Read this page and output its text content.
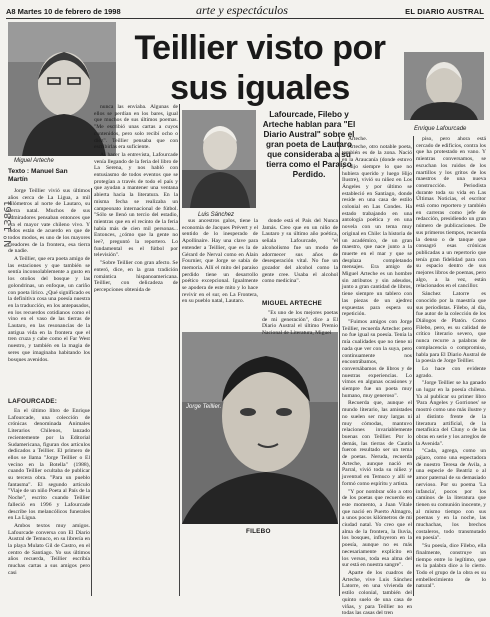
A8 Martes 10 de febrero de 1998	arte y espectáculos	EL DIARIO AUSTRAL
Teillier visto por
sus iguales
Miguel Arteche
Enrique Lafourcade
Luis Sánchez
Lafourcade, Filebo y Arteche hablan para "El Diario Austral" sobre el gran poeta de Lautaro que consideraba a su tierra como el Paraíso Perdido.
Jorge Teillier.
Texto : Manuel San Martín

Jorge Teillier vivió sus últimos años cerca de La Ligua, a mil kilómetros al norte de Lautaro, su tierra natal. Muchos de sus admiradores pensaban entonces que era el mayor vate chileno vivo. Y todos están de acuerdo en que de todos modos, es uno de los mayores creadores de la frontera, esa tierra de nadie.

A Teillier, que era poeta amigo de las estaciones y que también se sentía inconsolablemente a gusto en los otoños del bosque y las golondrinas, un enfoque, un cariño con poeta lírico. ¿Qué significado es la definitiva cosa una poesía nuestra en la traducción, en los antepasados, en los recuerdos cotidianos como el vino en el vaso de las tierras de Lautaro, en las resonancias de la antigua vida en la frontera que el tren cruza y cabe como el Far West nuestro, y también en la magia de seres que imaginaba habitando los bosques avenidos.

LAFOURCADE:

En el último libro de Enrique Lafourcade, una colección de crónicas denominada Animales Literarios Chilenos, lanzado recientemente por la Editorial Sudamericana, figuran dos artículos dedicados a Teillier. El primero de ellos se llama "Jorge Teillier o El vecino en la Botella" (1988), cuando Teillier ocultaba de publicar su tercera obra. "Para un pueblo fantasma". El segundo artículo "Viaje de un niño Poeta al País de la Noche", escrito cuando Teillier falleció en 1996 y Lafourcade describe los melancólicos funerales en La Ligua.

Ambos textos muy amigos. Lafourcade conversa con El Diario Austral de Temuco, en su librería en la playa Mulato Gil de Castro, en el centro de Santiago. Yo sus últimos años recuerda, Teillier escribía muchas cartas a sus amigos pero casi

nunca las enviaba. Algunas de ellos se perdían en los bares, igual que muchos de sus últimos poemas. "Me escribió unas cartas a cuyos contenidos, pero solo recibí ocho o diez". Teillier pensaba que con escribirlas era suficiente.

Al hacer la entrevista, Lafourcade venía llegando de la feria del libro de La Serena, y nos habló con entusiasmo de todos eventos que se protegían a través de todo el país y que ayudan a mantener una ventana abierta hacia la literatura. En la misma fecha se realizaba un campeonato internacional de fútbol. "Sólo se llenó un tercio del estadio, mientras que en el recinto de la feria había más de cien mil personas... Entonces, ¿cómo que la gente no lee?, preguntó la reportero. Lo fundamental es el fútbol por televisión".

"Sobre Teillier con gran afecto. Se enteró, dice, en la gran tradición romántica hispanoamericana. Teillier, con delicadeza de percepciones obtenida de

sus ancestros galos, tiene la economía de Jacques Prévert y el sentido de lo inesperado de Apollinaire. Hay una clave para entender a Teillier, que es la de Gérard de Nerval como en Alain Fournier, que Jorge se sabía de memoria. Allí el mito del paraíso perdido tiene un desarrollo poético excepcional. Igualmente se apodera de este mito y lo hace revivir en el sur, en La Frontera, en su pueblo natal, Lautaro.

donde está el País del Nunca Jamás. Creo que en un niño de Lautaro y su último año poética, señala Lafourcade, "el alcoholismo fue un modo de adormecer sus años de desesperación vital. No fue un gozador del alcohol como la gente cree. Usaba el alcohol como medicina".

MIGUEL ARTECHE

"Es uno de los mejores poetas de mi generación", dice a El Diario Austral el último Premio Nacional de Literatura, Miguel

FILEBO

Arteche.

Arteche, otro notable poeta, también es de la zona. Nació en la Araucanía (donde estuvo y dijo siempre lo que no hubiera querido y luego Hijo Ilustre), vivió su niñez en Los Ángeles y por último se estableció en Santiago, donde reside en una casa de estilo colonial en Las Condes. Ha estado trabajando en una antología poética y en una novela con un tema muy original en Chile: la historia de un académico, de un gran maestro, que nace junto a la muerte en el mar y que se desplaza completando mensajes. Era amigo de Miguel Arteche es un hombre sin atributos y sin adeudos, junto a gran cantidad de libros, tiene siempre un tablero con las piezas de un ajedrez expuestas para espera su repetición.

"Fuimos amigos con Jorge Teillier, recuerda Arteche: pero no fue igual su poesía. Tenía la mía cualidades que no tiene ni nada que ver con la suya, pero continuamente nos encontrábamos, conversábamos de libros y de nuestras experiencias. Lo vimos en algunas ocasiones y siempre fue un poeta muy humano, muy generoso".

Recuerda que, aunque el mundo literario, las amistades no suelen ser muy largas ni muy cómodas, mantuvo relaciones invariablemente buenas con Teillier. Por lo demás, las tierras de Cautín fueron resultado ser un tema de poetas. Neruda, recuerda Arteche, aunque nació en Parral, vivió toda su niñez y juventud en Temuco y allí se formó como espíritu y artista.

"Y por nombrar sólo a otro de los poetas que recuerdo en este momento, a Juan Vitale que nació en Puerto Almagro, a unos pocos kilómetros de mi ciudad natal. Yo creo que el alma de la frontera, la lluvia, los bosques, influyeron en la poesía, aunque no es más necesariamente explícito en los versos, toda esa alma del sur está en nuestra sangre".

Aparte de los cuadros de Arteche, vive Luis Sánchez Latorre, en una vivienda de estilo colonial, también del quinto suelo de una casa de viñas, y para Teillier no en todas las casas del tren

piso, pero ahora está cercado de edificios, contra los que ha protestado en vano. Y mientras conversamos, se escuchan los ruidos de los martillos y los gritos de los maestros de una nueva construcción. Periodista durante toda su vida en Las Últimas Noticias, el escritor está como reportero y también en carreras como jefe de redacción, presidiendo un gran número de publicaciones. De sus primeros tiempos, recuerda la denso o de tanque que consagró esas crónicas publicadas a un repertorio que tenía gran fidelidad para con su espacio dentro de sus mejores libros de poemas, pero algo, a la vez, están relacionados en el cancillor.

Sánchez Latorre es conocido por la maestría que sus periodistas. Filebo, al día, fue autor de la colección de los Diálogos de Platón. Como Filebo, pero, es su calidad de crítico literario severo, que nunca recurre a palabras de complacencia o compromiso, habla para El Diario Austral de la poesía de Jorge Teillier.

Lo hace con evidente agrado.

"Jorge Teillier se ha ganado un lugar en la poesía chilena. Ya al publicar su primer libro 'Para Ángeles y Gorriones' se mostró como uno más ilustre y al distinto frente de la literatura artificial, de la metafísica del Cluny o de las obras en serie y los arreglos de la Avenida".

"Cada, agrega, como un pájaro, como una espectadora de nuestro Teresa de Avila, a una especie de Beatriz o al amor paternal de su demasiado nervioso. Por su poema 'La infancia', pocos por los caminos de la literatura que tienen su comunión inocente, y al mismo tiempo con sus poemas y en la noche, las muchachas, los brechos costaleros, todo transmutado en poesía".

"Su poesía, dice Filebo, ella finalmente, construye un tiempo entre lo legítimo, que es la palabra dice a lo cierto. Todo el grupo de la obra es su embellecimiento de lo natural".

N° 13861
